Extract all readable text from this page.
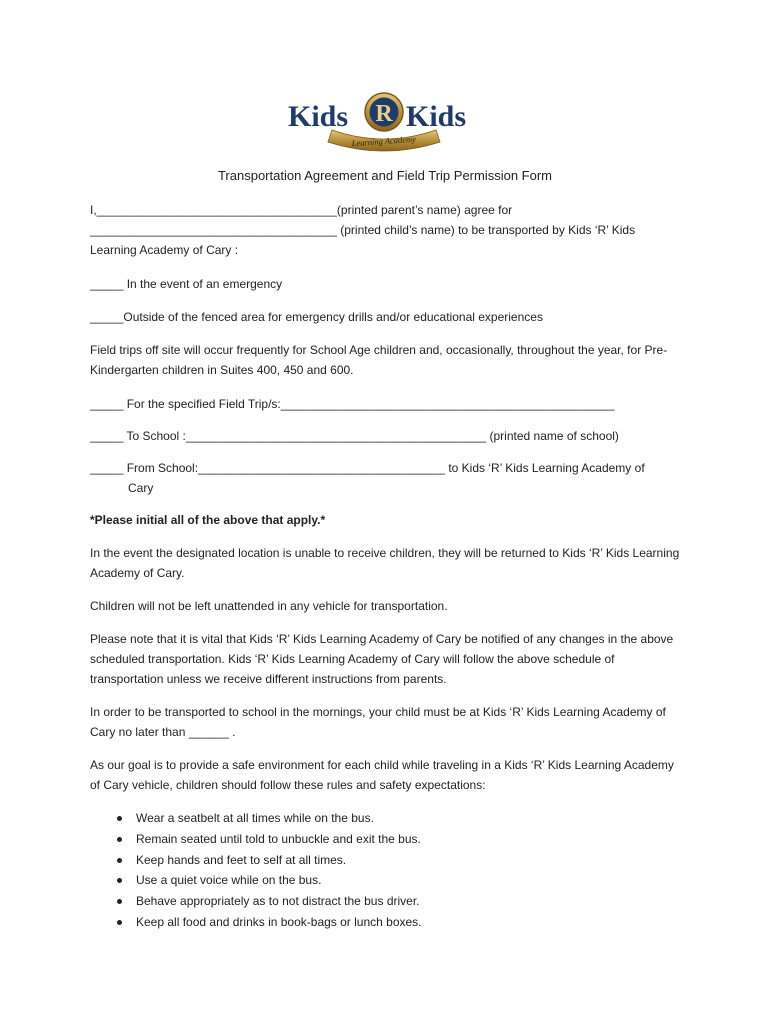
Kids R Kids
Learning Academy
Transportation Agreement and Field Trip Permission Form
I,____________________________________(printed parent’s name) agree for
_____________________________________ (printed child’s name) to be transported by Kids ‘R’ Kids
Learning Academy of Cary :
_____ In the event of an emergency
_____Outside of the fenced area for emergency drills and/or educational experiences
Field trips off site will occur frequently for School Age children and, occasionally, throughout the year, for Pre-Kindergarten children in Suites 400, 450 and 600.
_____ For the specified Field Trip/s:__________________________________________________
_____ To School :_____________________________________________ (printed name of school)
_____ From School:_____________________________________ to Kids ‘R’ Kids Learning Academy of
Cary
*Please initial all of the above that apply.*
In the event the designated location is unable to receive children, they will be returned to Kids ‘R’ Kids Learning Academy of Cary.
Children will not be left unattended in any vehicle for transportation.
Please note that it is vital that Kids ‘R’ Kids Learning Academy of Cary be notified of any changes in the above scheduled transportation. Kids ‘R’ Kids Learning Academy of Cary will follow the above schedule of transportation unless we receive different instructions from parents.
In order to be transported to school in the mornings, your child must be at Kids ‘R’ Kids Learning Academy of Cary no later than ______ .
As our goal is to provide a safe environment for each child while traveling in a Kids ‘R’ Kids Learning Academy of Cary vehicle, children should follow these rules and safety expectations:
Wear a seatbelt at all times while on the bus.
Remain seated until told to unbuckle and exit the bus.
Keep hands and feet to self at all times.
Use a quiet voice while on the bus.
Behave appropriately as to not distract the bus driver.
Keep all food and drinks in book-bags or lunch boxes.
